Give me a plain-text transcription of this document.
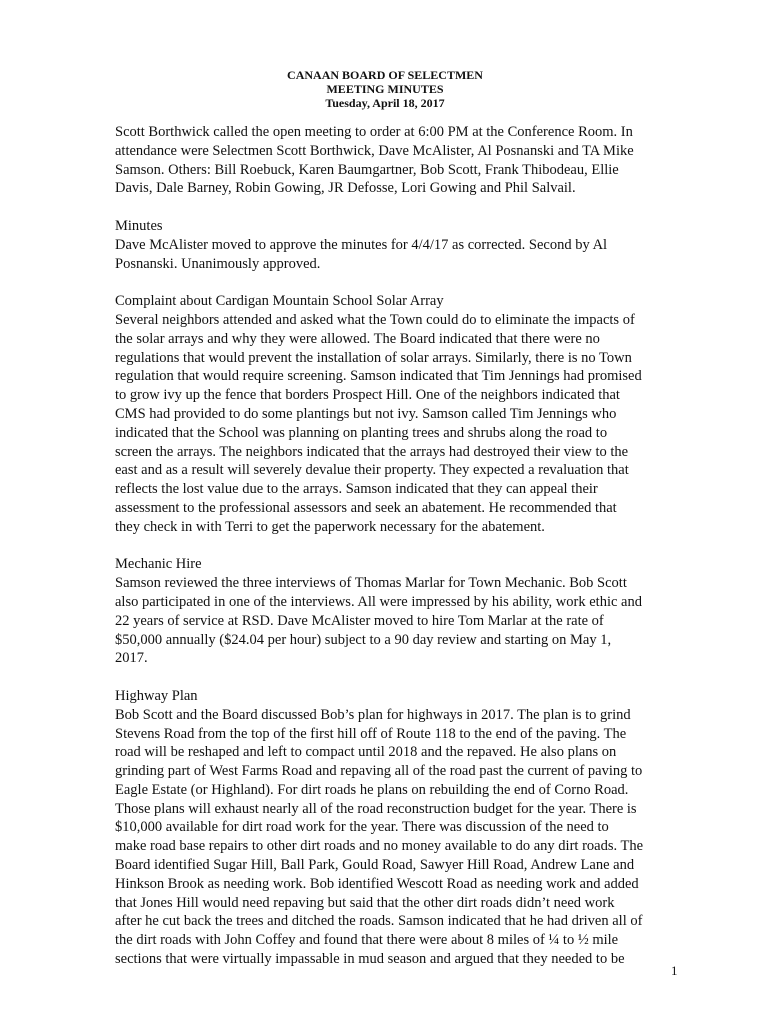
CANAAN BOARD OF SELECTMEN
MEETING MINUTES
Tuesday, April 18, 2017
Scott Borthwick called the open meeting to order at 6:00 PM at the Conference Room. In
attendance were Selectmen Scott Borthwick, Dave McAlister, Al Posnanski and TA Mike
Samson. Others: Bill Roebuck, Karen Baumgartner, Bob Scott, Frank Thibodeau, Ellie
Davis, Dale Barney, Robin Gowing, JR Defosse, Lori Gowing and Phil Salvail.
Minutes
Dave McAlister moved to approve the minutes for 4/4/17 as corrected. Second by Al
Posnanski. Unanimously approved.
Complaint about Cardigan Mountain School Solar Array
Several neighbors attended and asked what the Town could do to eliminate the impacts of
the solar arrays and why they were allowed. The Board indicated that there were no
regulations that would prevent the installation of solar arrays. Similarly, there is no Town
regulation that would require screening. Samson indicated that Tim Jennings had promised
to grow ivy up the fence that borders Prospect Hill. One of the neighbors indicated that
CMS had provided to do some plantings but not ivy. Samson called Tim Jennings who
indicated that the School was planning on planting trees and shrubs along the road to
screen the arrays. The neighbors indicated that the arrays had destroyed their view to the
east and as a result will severely devalue their property. They expected a revaluation that
reflects the lost value due to the arrays. Samson indicated that they can appeal their
assessment to the professional assessors and seek an abatement. He recommended that
they check in with Terri to get the paperwork necessary for the abatement.
Mechanic Hire
Samson reviewed the three interviews of Thomas Marlar for Town Mechanic. Bob Scott
also participated in one of the interviews. All were impressed by his ability, work ethic and
22 years of service at RSD. Dave McAlister moved to hire Tom Marlar at the rate of
$50,000 annually ($24.04 per hour) subject to a 90 day review and starting on May 1,
2017.
Highway Plan
Bob Scott and the Board discussed Bob’s plan for highways in 2017. The plan is to grind
Stevens Road from the top of the first hill off of Route 118 to the end of the paving. The
road will be reshaped and left to compact until 2018 and the repaved. He also plans on
grinding part of West Farms Road and repaving all of the road past the current of paving to
Eagle Estate (or Highland). For dirt roads he plans on rebuilding the end of Corno Road.
Those plans will exhaust nearly all of the road reconstruction budget for the year. There is
$10,000 available for dirt road work for the year. There was discussion of the need to
make road base repairs to other dirt roads and no money available to do any dirt roads. The
Board identified Sugar Hill, Ball Park, Gould Road, Sawyer Hill Road, Andrew Lane and
Hinkson Brook as needing work. Bob identified Wescott Road as needing work and added
that Jones Hill would need repaving but said that the other dirt roads didn’t need work
after he cut back the trees and ditched the roads. Samson indicated that he had driven all of
the dirt roads with John Coffey and found that there were about 8 miles of ¼ to ½ mile
sections that were virtually impassable in mud season and argued that they needed to be
1
